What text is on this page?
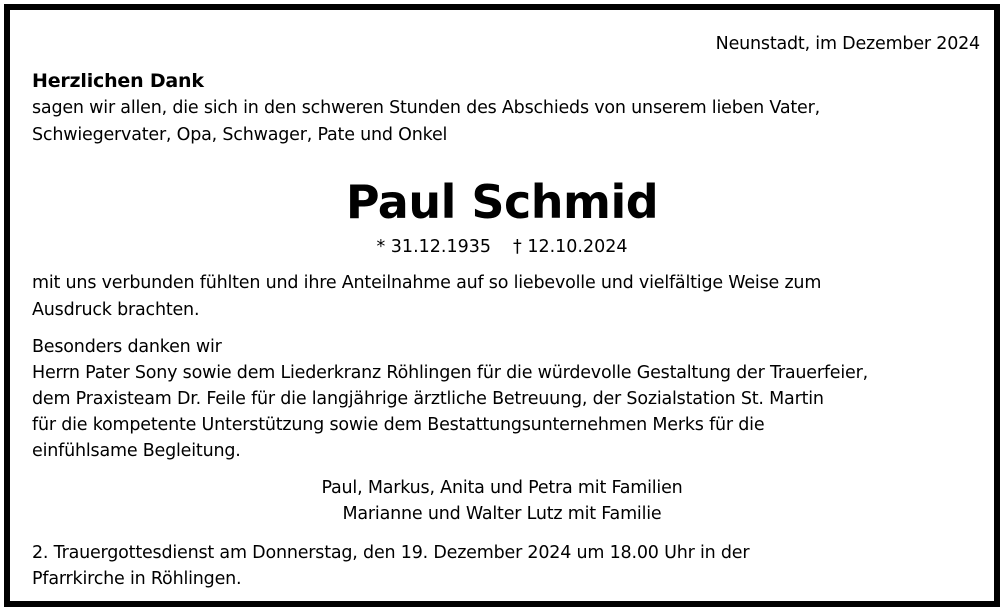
Neunstadt, im Dezember 2024
Herzlichen Dank
sagen wir allen, die sich in den schweren Stunden des Abschieds von unserem lieben Vater,
Schwiegervater, Opa, Schwager, Pate und Onkel
Paul Schmid
* 31.12.1935 † 12.10.2024
mit uns verbunden fühlten und ihre Anteilnahme auf so liebevolle und vielfältige Weise zum
Ausdruck brachten.
Besonders danken wir
Herrn Pater Sony sowie dem Liederkranz Röhlingen für die würdevolle Gestaltung der Trauerfeier,
dem Praxisteam Dr. Feile für die langjährige ärztliche Betreuung, der Sozialstation St. Martin
für die kompetente Unterstützung sowie dem Bestattungsunternehmen Merks für die
einfühlsame Begleitung.
Paul, Markus, Anita und Petra mit Familien
Marianne und Walter Lutz mit Familie
2. Trauergottesdienst am Donnerstag, den 19. Dezember 2024 um 18.00 Uhr in der
Pfarrkirche in Röhlingen.
